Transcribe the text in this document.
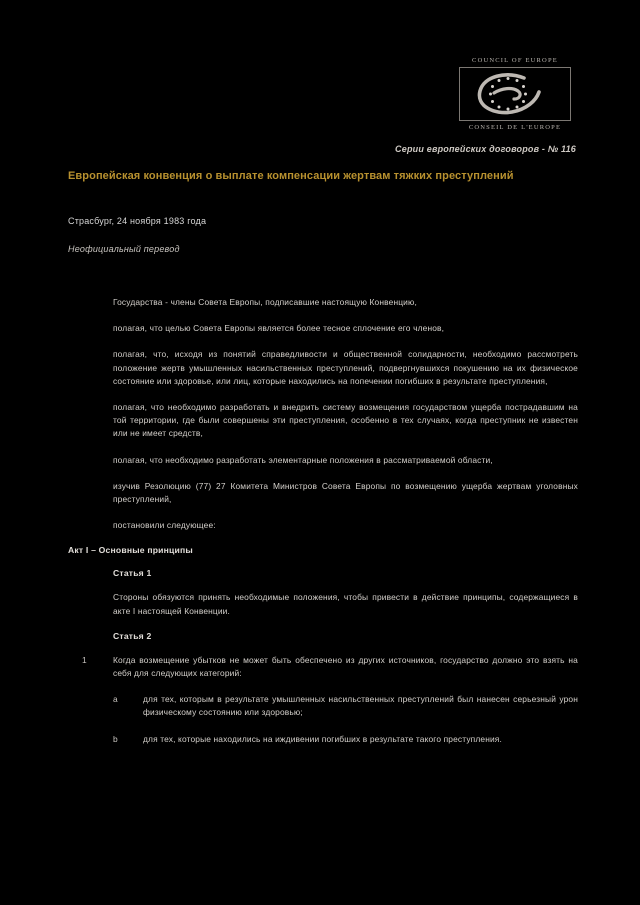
COUNCIL OF EUROPE
CONSEIL DE L'EUROPE
Серии европейских договоров - № 116
Европейская конвенция о выплате компенсации жертвам тяжких преступлений
Страсбург, 24 ноября 1983 года
Неофициальный перевод

Государства - члены Совета Европы, подписавшие настоящую Конвенцию,

полагая, что целью Совета Европы является более тесное сплочение его членов,

полагая, что, исходя из понятий справедливости и общественной солидарности, необходимо рассмотреть положение жертв умышленных насильственных преступлений, подвергнувшихся покушению на их физическое состояние или здоровье, или лиц, которые находились на попечении погибших в результате преступления,

полагая, что необходимо разработать и внедрить систему возмещения государством ущерба пострадавшим на той территории, где были совершены эти преступления, особенно в тех случаях, когда преступник не известен или не имеет средств,

полагая, что необходимо разработать элементарные положения в рассматриваемой области,

изучив Резолюцию (77) 27 Комитета Министров Совета Европы по возмещению ущерба жертвам уголовных преступлений,

постановили следующее:

Акт I – Основные принципы
Статья 1

Стороны обязуются принять необходимые положения, чтобы привести в действие принципы, содержащиеся в акте I настоящей Конвенции.

Статья 2

1	Когда возмещение убытков не может быть обеспечено из других источников, государство должно это взять на себя для следующих категорий:

a	для тех, которым в результате умышленных насильственных преступлений был нанесен серьезный урон физическому состоянию или здоровью;

b	для тех, которые находились на иждивении погибших в результате такого преступления.
